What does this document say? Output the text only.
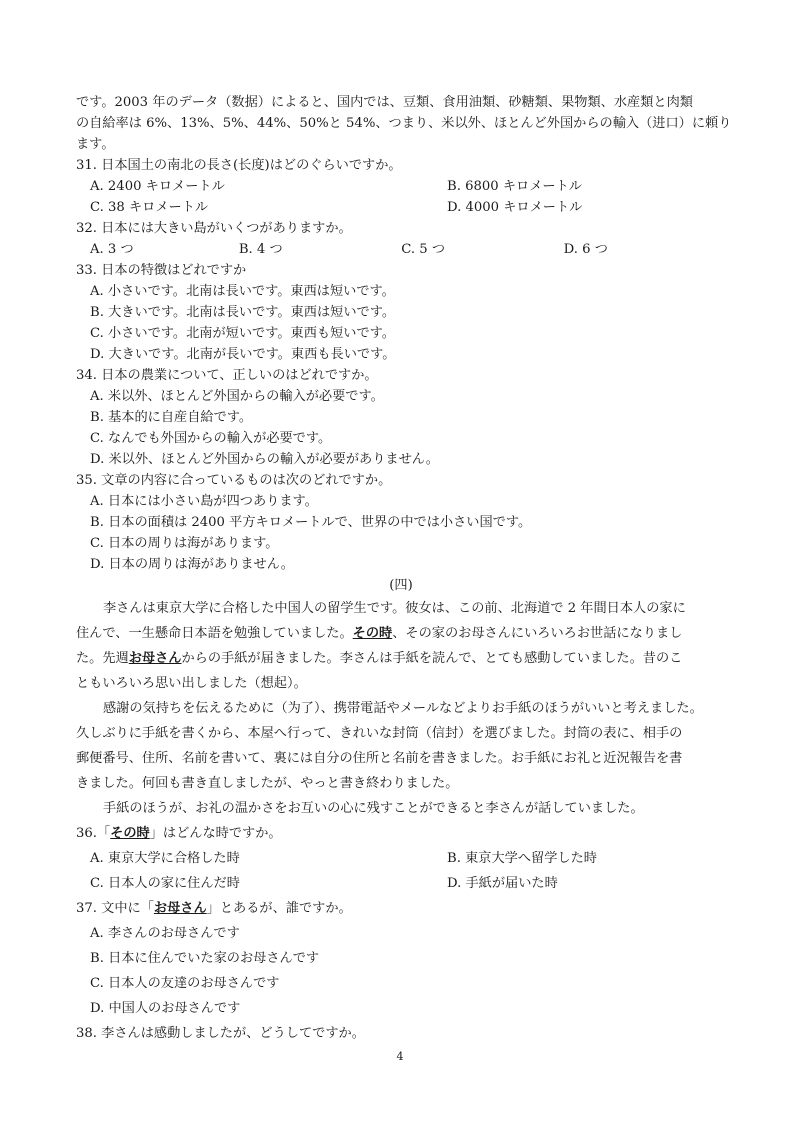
です。2003 年のデータ（数据）によると、国内では、豆類、食用油類、砂糖類、果物類、水産類と肉類
の自給率は 6%、13%、5%、44%、50%と 54%、つまり、米以外、ほとんど外国からの輸入（进口）に頼り
ます。
31. 日本国土の南北の長さ(长度)はどのぐらいですか。
A. 2400 キロメートル	B. 6800 キロメートル
C. 38 キロメートル	D. 4000 キロメートル
32. 日本には大きい島がいくつがありますか。
A. 3 つ	B. 4 つ	C. 5 つ	D. 6 つ
33. 日本の特徴はどれですか
A. 小さいです。北南は長いです。東西は短いです。
B. 大きいです。北南は長いです。東西は短いです。
C. 小さいです。北南が短いです。東西も短いです。
D. 大きいです。北南が長いです。東西も長いです。
34. 日本の農業について、正しいのはどれですか。
A. 米以外、ほとんど外国からの輸入が必要です。
B. 基本的に自産自給です。
C. なんでも外国からの輸入が必要です。
D. 米以外、ほとんど外国からの輸入が必要がありません。
35. 文章の内容に合っているものは次のどれですか。
A. 日本には小さい島が四つあります。
B. 日本の面積は 2400 平方キロメートルで、世界の中では小さい国です。
C. 日本の周りは海があります。
D. 日本の周りは海がありません。
(四)
李さんは東京大学に合格した中国人の留学生です。彼女は、この前、北海道で 2 年間日本人の家に
住んで、一生懸命日本語を勉強していました。その時、その家のお母さんにいろいろお世話になりまし
た。先週お母さんからの手紙が届きました。李さんは手紙を読んで、とても感動していました。昔のこ
ともいろいろ思い出しました（想起）。
感謝の気持ちを伝えるために（为了）、携帯電話やメールなどよりお手紙のほうがいいと考えました。
久しぶりに手紙を書くから、本屋へ行って、きれいな封筒（信封）を選びました。封筒の表に、相手の
郵便番号、住所、名前を書いて、裏には自分の住所と名前を書きました。お手紙にお礼と近況報告を書
きました。何回も書き直しましたが、やっと書き終わりました。
手紙のほうが、お礼の温かさをお互いの心に残すことができると李さんが話していました。
36.「その時」はどんな時ですか。
A. 東京大学に合格した時	B. 東京大学へ留学した時
C. 日本人の家に住んだ時	D. 手紙が届いた時
37. 文中に「お母さん」とあるが、誰ですか。
A. 李さんのお母さんです
B. 日本に住んでいた家のお母さんです
C. 日本人の友達のお母さんです
D. 中国人のお母さんです
38. 李さんは感動しましたが、どうしてですか。
4
